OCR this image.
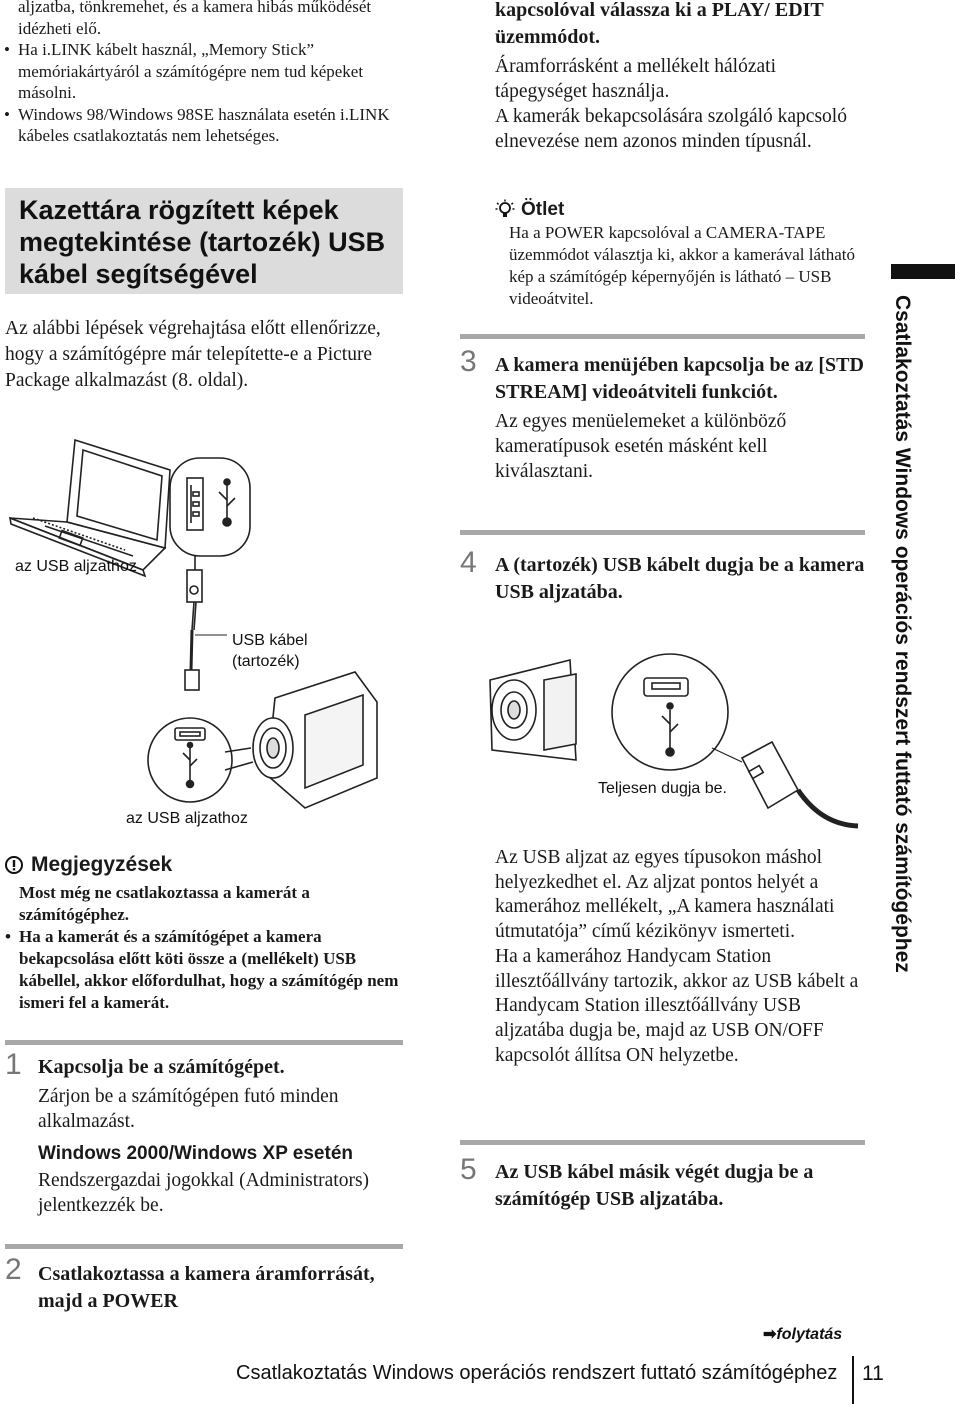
aljzatba, tönkremehet, és a kamera hibás működését idézheti elő.
• Ha i.LINK kábelt használ, „Memory Stick” memóriakártyáról a számítógépre nem tud képeket másolni.
• Windows 98/Windows 98SE használata esetén i.LINK kábeles csatlakoztatás nem lehetséges.
Kazettára rögzített képek megtekintése (tartozék) USB kábel segítségével

Az alábbi lépések végrehajtása előtt ellenőrizze, hogy a számítógépre már telepítette-e a Picture Package alkalmazást (8. oldal).

az USB aljzathoz
USB kábel
(tartozék)
az USB aljzathoz
Megjegyzések
Most még ne csatlakoztassa a kamerát a számítógéphez.
• Ha a kamerát és a számítógépet a kamera bekapcsolása előtt köti össze a (mellékelt) USB kábellel, akkor előfordulhat, hogy a számítógép nem ismeri fel a kamerát.
1 Kapcsolja be a számítógépet.

Zárjon be a számítógépen futó minden alkalmazást.

Windows 2000/Windows XP esetén

Rendszergazdai jogokkal (Administrators) jelentkezzék be.

2 Csatlakoztassa a kamera áramforrását, majd a POWER

kapcsolóval válassza ki a PLAY/ EDIT üzemmódot.

Áramforrásként a mellékelt hálózati tápegységet használja.

A kamerák bekapcsolására szolgáló kapcsoló elnevezése nem azonos minden típusnál.

Ötlet
Ha a POWER kapcsolóval a CAMERA-TAPE üzemmódot választja ki, akkor a kamerával látható kép a számítógép képernyőjén is látható – USB videoátvitel.
3 A kamera menüjében kapcsolja be az [STD STREAM] videoátviteli funkciót.

Az egyes menüelemeket a különböző kameratípusok esetén másként kell kiválasztani.

4 A (tartozék) USB kábelt dugja be a kamera USB aljzatába.

Teljesen dugja be.

Az USB aljzat az egyes típusokon máshol helyezkedhet el. Az aljzat pontos helyét a kamerához mellékelt, „A kamera használati útmutatója” című kézikönyv ismerteti.

Ha a kamerához Handycam Station illesztőállvány tartozik, akkor az USB kábelt a Handycam Station illesztőállvány USB aljzatába dugja be, majd az USB ON/OFF kapcsolót állítsa ON helyzetbe.

5 Az USB kábel másik végét dugja be a számítógép USB aljzatába.

Csatlakoztatás Windows operációs rendszert futtató számítógéphez
➡folytatás
Csatlakoztatás Windows operációs rendszert futtató számítógéphez 11
